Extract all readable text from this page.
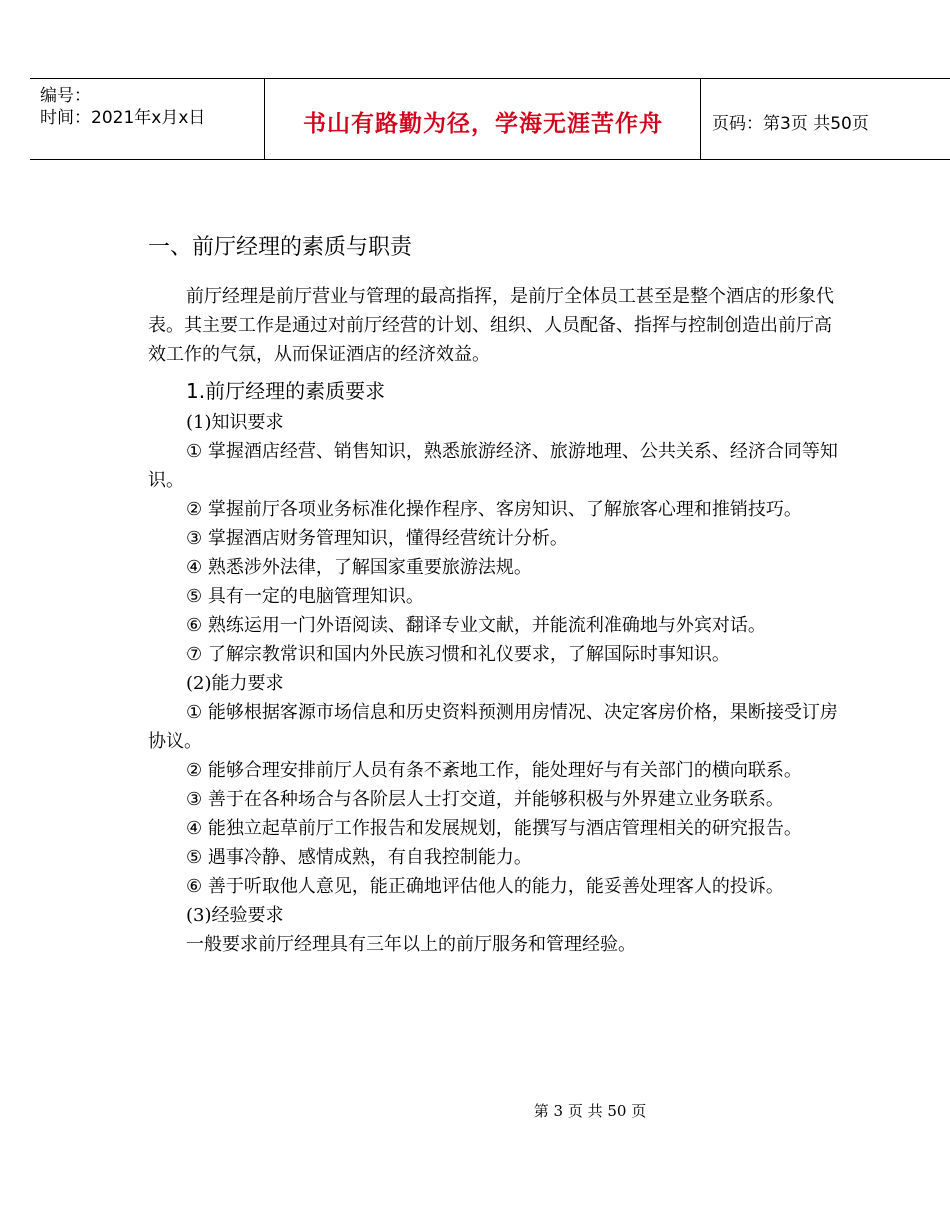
编号：
时间：2021年x月x日	书山有路勤为径，学海无涯苦作舟	页码：第3页 共50页
一、前厅经理的素质与职责

前厅经理是前厅营业与管理的最高指挥，是前厅全体员工甚至是整个酒店的形象代表。其主要工作是通过对前厅经营的计划、组织、人员配备、指挥与控制创造出前厅高效工作的气氛，从而保证酒店的经济效益。

1.前厅经理的素质要求

(1)知识要求

① 掌握酒店经营、销售知识，熟悉旅游经济、旅游地理、公共关系、经济合同等知识。

② 掌握前厅各项业务标准化操作程序、客房知识、了解旅客心理和推销技巧。

③ 掌握酒店财务管理知识，懂得经营统计分析。

④ 熟悉涉外法律，了解国家重要旅游法规。

⑤ 具有一定的电脑管理知识。

⑥ 熟练运用一门外语阅读、翻译专业文献，并能流利准确地与外宾对话。

⑦ 了解宗教常识和国内外民族习惯和礼仪要求，了解国际时事知识。

(2)能力要求

① 能够根据客源市场信息和历史资料预测用房情况、决定客房价格，果断接受订房协议。

② 能够合理安排前厅人员有条不紊地工作，能处理好与有关部门的横向联系。

③ 善于在各种场合与各阶层人士打交道，并能够积极与外界建立业务联系。

④ 能独立起草前厅工作报告和发展规划，能撰写与酒店管理相关的研究报告。

⑤ 遇事冷静、感情成熟，有自我控制能力。

⑥ 善于听取他人意见，能正确地评估他人的能力，能妥善处理客人的投诉。

(3)经验要求

一般要求前厅经理具有三年以上的前厅服务和管理经验。

第 3 页 共 50 页
